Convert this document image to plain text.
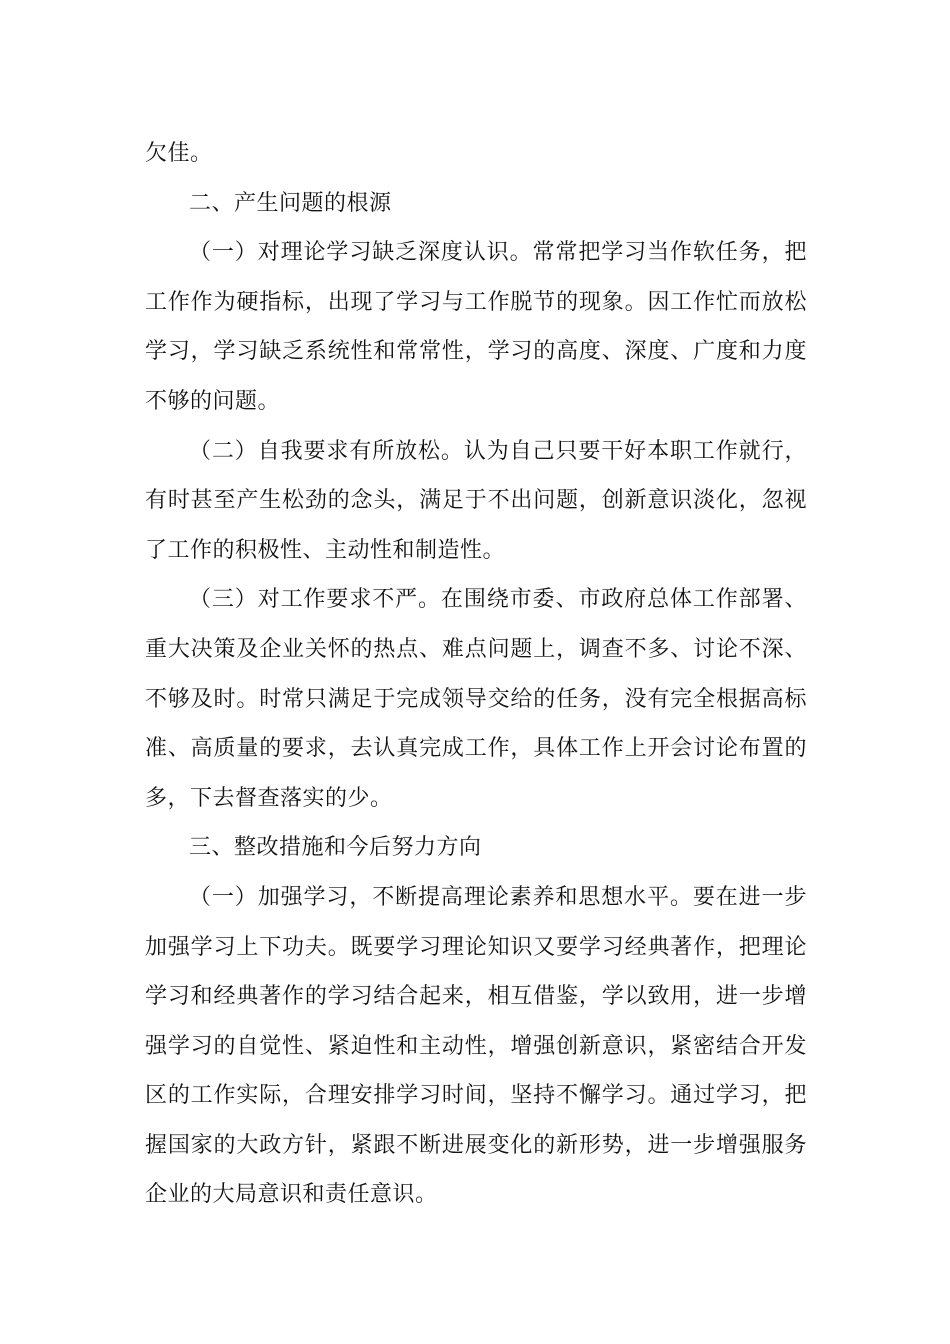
欠佳。

二、产生问题的根源

（一）对理论学习缺乏深度认识。常常把学习当作软任务，把工作作为硬指标，出现了学习与工作脱节的现象。因工作忙而放松学习，学习缺乏系统性和常常性，学习的高度、深度、广度和力度不够的问题。

（二）自我要求有所放松。认为自己只要干好本职工作就行，有时甚至产生松劲的念头，满足于不出问题，创新意识淡化，忽视了工作的积极性、主动性和制造性。

（三）对工作要求不严。在围绕市委、市政府总体工作部署、重大决策及企业关怀的热点、难点问题上，调查不多、讨论不深、不够及时。时常只满足于完成领导交给的任务，没有完全根据高标准、高质量的要求，去认真完成工作，具体工作上开会讨论布置的多，下去督查落实的少。

三、整改措施和今后努力方向

（一）加强学习，不断提高理论素养和思想水平。要在进一步加强学习上下功夫。既要学习理论知识又要学习经典著作，把理论学习和经典著作的学习结合起来，相互借鉴，学以致用，进一步增强学习的自觉性、紧迫性和主动性，增强创新意识，紧密结合开发区的工作实际，合理安排学习时间，坚持不懈学习。通过学习，把握国家的大政方针，紧跟不断进展变化的新形势，进一步增强服务企业的大局意识和责任意识。
